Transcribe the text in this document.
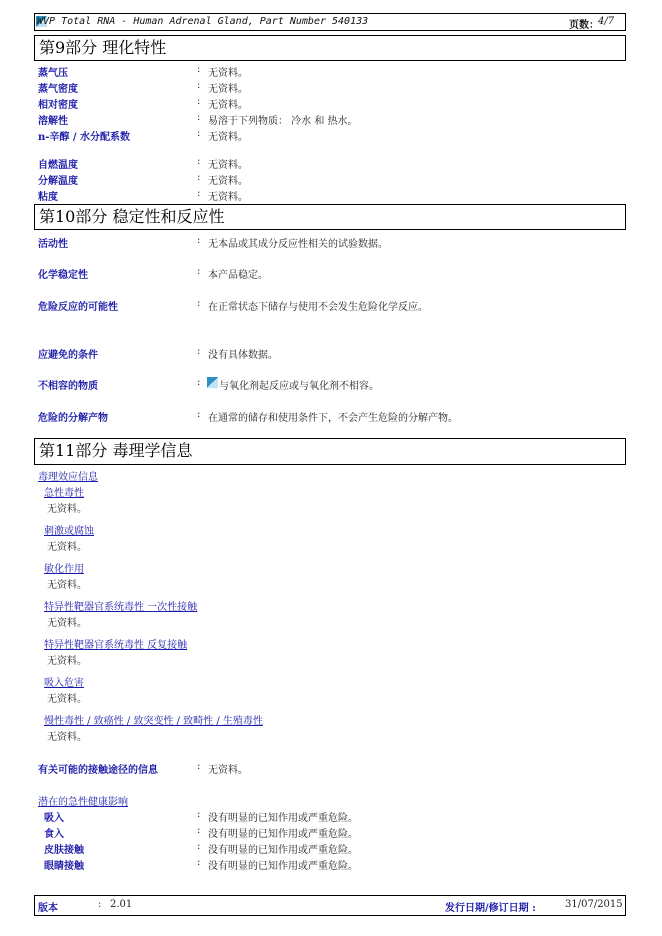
WVP Total RNA - Human Adrenal Gland, Part Number 540133	页数： 4/7
第9部分 理化特性
蒸气压	: 无资料。
蒸气密度	: 无资料。
相对密度	: 无资料。
溶解性	: 易溶于下列物质： 冷水 和 热水。
n-辛醇 / 水分配系数	: 无资料。
自燃温度	: 无资料。
分解温度	: 无资料。
粘度	: 无资料。
第10部分 稳定性和反应性
活动性	: 无本品或其成分反应性相关的试验数据。
化学稳定性	: 本产品稳定。
危险反应的可能性	: 在正常状态下储存与使用不会发生危险化学反应。
应避免的条件	: 没有具体数据。
不相容的物质	: 与氧化剂起反应或与氧化剂不相容。
危险的分解产物	: 在通常的储存和使用条件下，不会产生危险的分解产物。
第11部分 毒理学信息
毒理效应信息
急性毒性
无资料。
刺激或腐蚀
无资料。
敏化作用
无资料。
特异性靶器官系统毒性 一次性接触
无资料。
特异性靶器官系统毒性 反复接触
无资料。
吸入危害
无资料。
慢性毒性 / 致癌性 / 致突变性 / 致畸性 / 生殖毒性
无资料。
有关可能的接触途径的信息	: 无资料。
潜在的急性健康影响
吸入	: 没有明显的已知作用或严重危险。
食入	: 没有明显的已知作用或严重危险。
皮肤接触	: 没有明显的已知作用或严重危险。
眼睛接触	: 没有明显的已知作用或严重危险。
版本	: 2.01	发行日期/修订日期 :	31/07/2015
